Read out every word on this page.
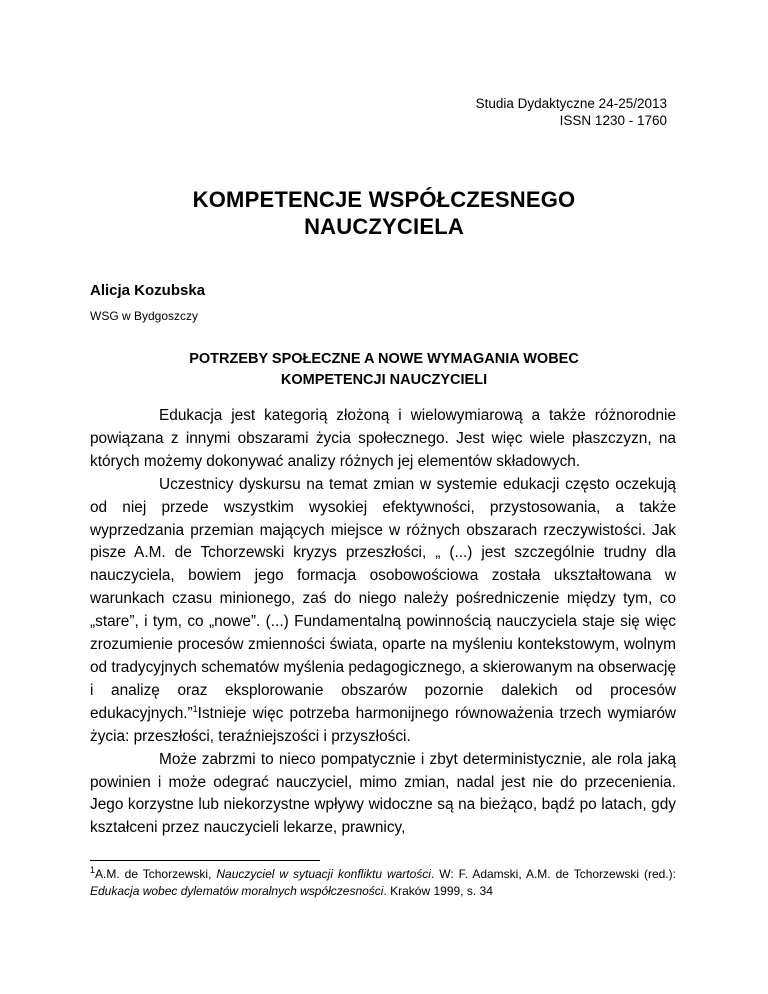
Studia Dydaktyczne 24-25/2013
ISSN 1230 - 1760
KOMPETENCJE WSPÓŁCZESNEGO
NAUCZYCIELA
Alicja Kozubska
WSG w Bydgoszczy
POTRZEBY SPOŁECZNE A NOWE WYMAGANIA WOBEC
KOMPETENCJI NAUCZYCIELI

Edukacja jest kategorią złożoną i wielowymiarową a także różnorodnie powiązana z innymi obszarami życia społecznego. Jest więc wiele płaszczyzn, na których możemy dokonywać analizy różnych jej elementów składowych.

Uczestnicy dyskursu na temat zmian w systemie edukacji często oczekują od niej przede wszystkim wysokiej efektywności, przystosowania, a także wyprzedzania przemian mających miejsce w różnych obszarach rzeczywistości. Jak pisze A.M. de Tchorzewski kryzys przeszłości, „ (...) jest szczególnie trudny dla nauczyciela, bowiem jego formacja osobowościowa została ukształtowana w warunkach czasu minionego, zaś do niego należy pośredniczenie między tym, co „stare”, i tym, co „nowe”. (...) Fundamentalną powinnością nauczyciela staje się więc zrozumienie procesów zmienności świata, oparte na myśleniu kontekstowym, wolnym od tradycyjnych schematów myślenia pedagogicznego, a skierowanym na obserwację i analizę oraz eksplorowanie obszarów pozornie dalekich od procesów edukacyjnych.”$^1$Istnieje więc potrzeba harmonijnego równoważenia trzech wymiarów życia: przeszłości, teraźniejszości i przyszłości.

Może zabrzmi to nieco pompatycznie i zbyt deterministycznie, ale rola jaką powinien i może odegrać nauczyciel, mimo zmian, nadal jest nie do przecenienia. Jego korzystne lub niekorzystne wpływy widoczne są na bieżąco, bądź po latach, gdy kształceni przez nauczycieli lekarze, prawnicy,

$^1$A.M. de Tchorzewski, Nauczyciel w sytuacji konfliktu wartości. W: F. Adamski, A.M. de Tchorzewski (red.): Edukacja wobec dylematów moralnych współczesności. Kraków 1999, s. 34
